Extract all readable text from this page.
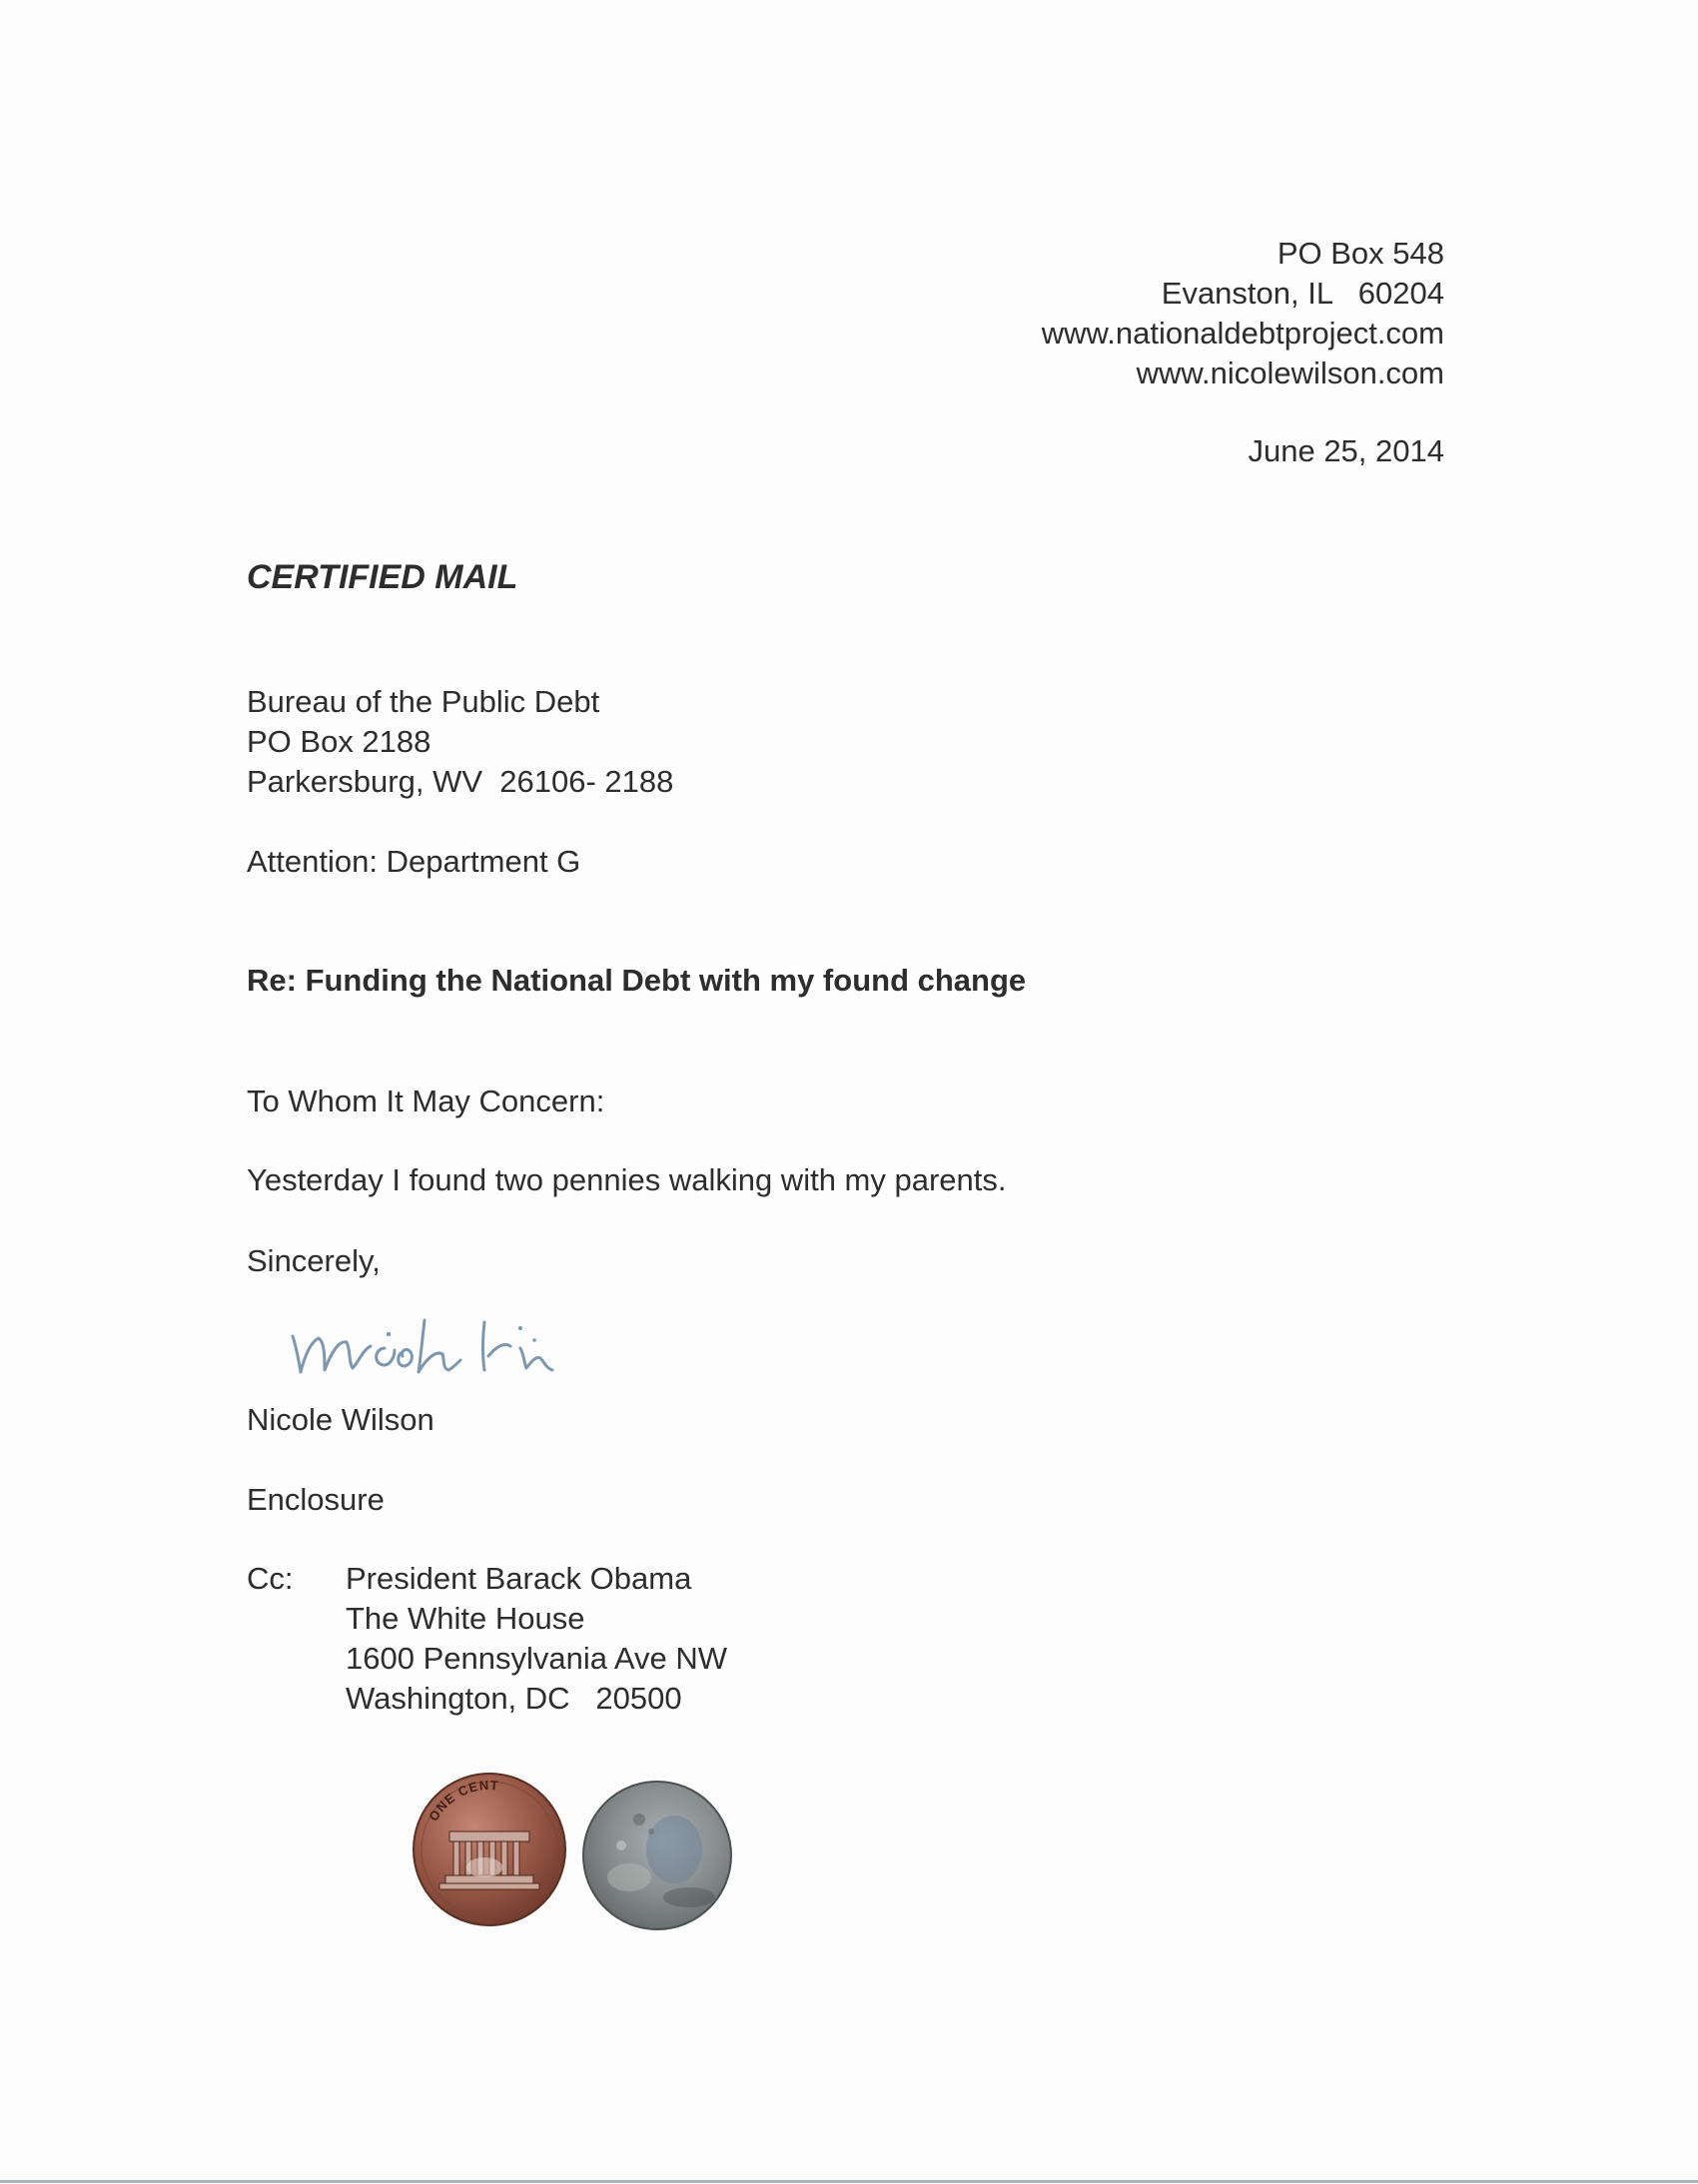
PO Box 548
Evanston, IL   60204
www.nationaldebtproject.com
www.nicolewilson.com
June 25, 2014
CERTIFIED MAIL
Bureau of the Public Debt
PO Box 2188
Parkersburg, WV  26106- 2188
Attention: Department G
Re: Funding the National Debt with my found change
To Whom It May Concern:
Yesterday I found two pennies walking with my parents.
Sincerely,
Nicole Wilson
Enclosure
Cc: President Barack Obama
The White House
1600 Pennsylvania Ave NW
Washington, DC   20500
ONE CENT
